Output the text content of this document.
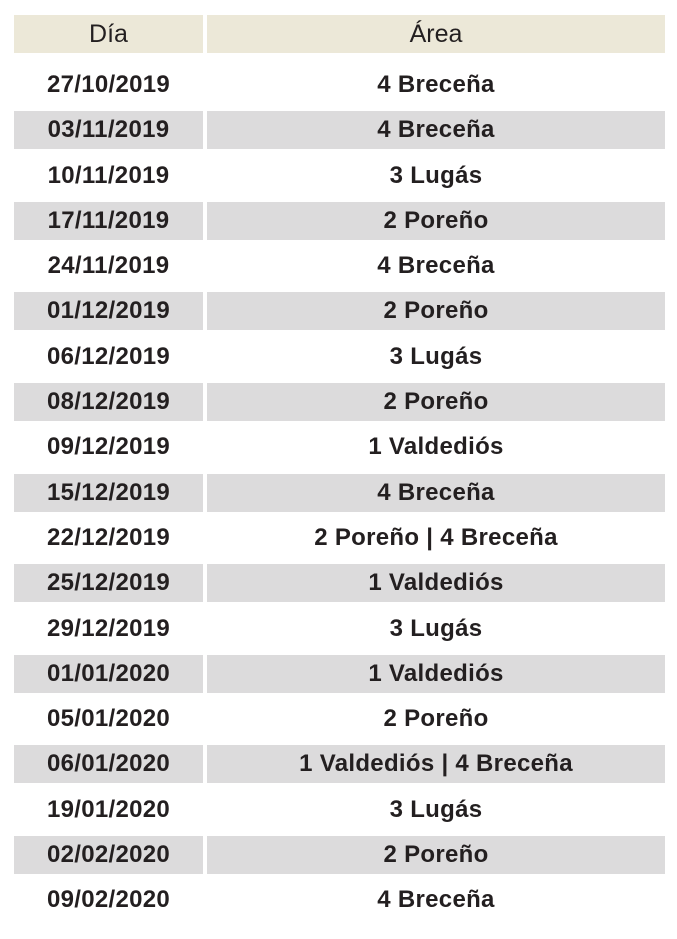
Día	Área
27/10/2019	4 Breceña
03/11/2019	4 Breceña
10/11/2019	3 Lugás
17/11/2019	2 Poreño
24/11/2019	4 Breceña
01/12/2019	2 Poreño
06/12/2019	3 Lugás
08/12/2019	2 Poreño
09/12/2019	1 Valdediós
15/12/2019	4 Breceña
22/12/2019	2 Poreño | 4 Breceña
25/12/2019	1 Valdediós
29/12/2019	3 Lugás
01/01/2020	1 Valdediós
05/01/2020	2 Poreño
06/01/2020	1 Valdediós | 4 Breceña
19/01/2020	3 Lugás
02/02/2020	2 Poreño
09/02/2020	4 Breceña
